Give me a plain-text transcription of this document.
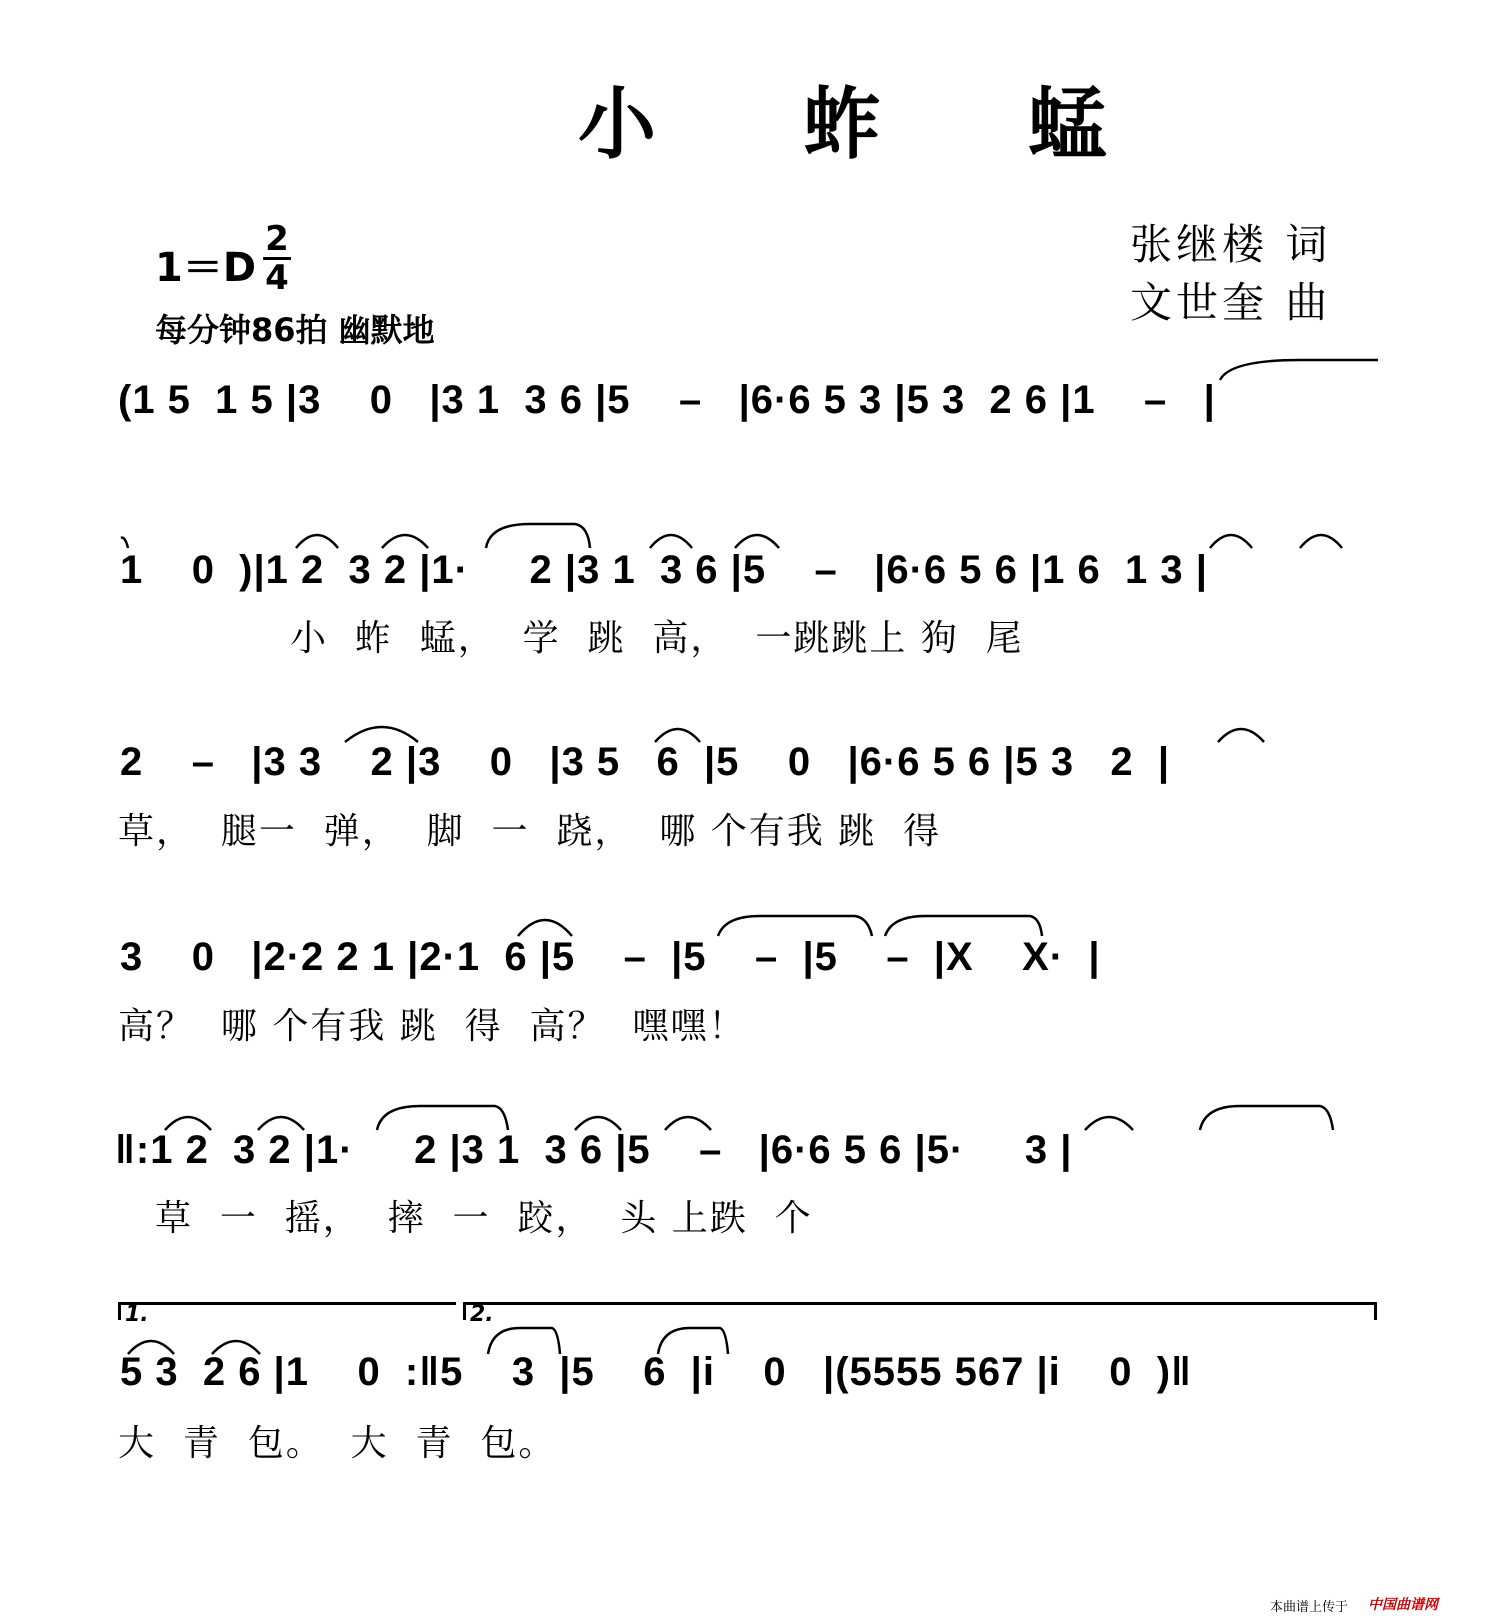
小 蚱 蜢
张继楼 词
文世奎 曲
1＝D
2
4
每分钟86拍 幽默地
(1 5  1 5 |3    0   |3 1  3 6 |5    –   |6·6 5 3 |5 3  2 6 |1    –   |
1    0  )|1 2  3 2 |1·     2 |3 1  3 6 |5    –   |6·6 5 6 |1 6  1 3 |
小  蚱  蜢，  学  跳  高，  一跳跳上 狗  尾
2    –   |3 3    2 |3    0   |3 5   6  |5    0   |6·6 5 6 |5 3   2  |
草，  腿一  弹，  脚  一  跷，  哪 个有我 跳  得
3    0   |2·2 2 1 |2·1  6 |5    –  |5    –  |5    –  |X    X·  |
高？  哪 个有我 跳  得  高？  嘿嘿！
‖:1 2  3 2 |1·     2 |3 1  3 6 |5    –   |6·6 5 6 |5·     3 |
草  一  摇，  摔  一  跤，  头 上跌  个
1.	2.
5 3  2 6 |1    0  :‖5    3  |5    6  |i    0   |(5555 567 |i    0  )‖
大  青  包。  大  青  包。
本曲谱上传于 中国曲谱网
